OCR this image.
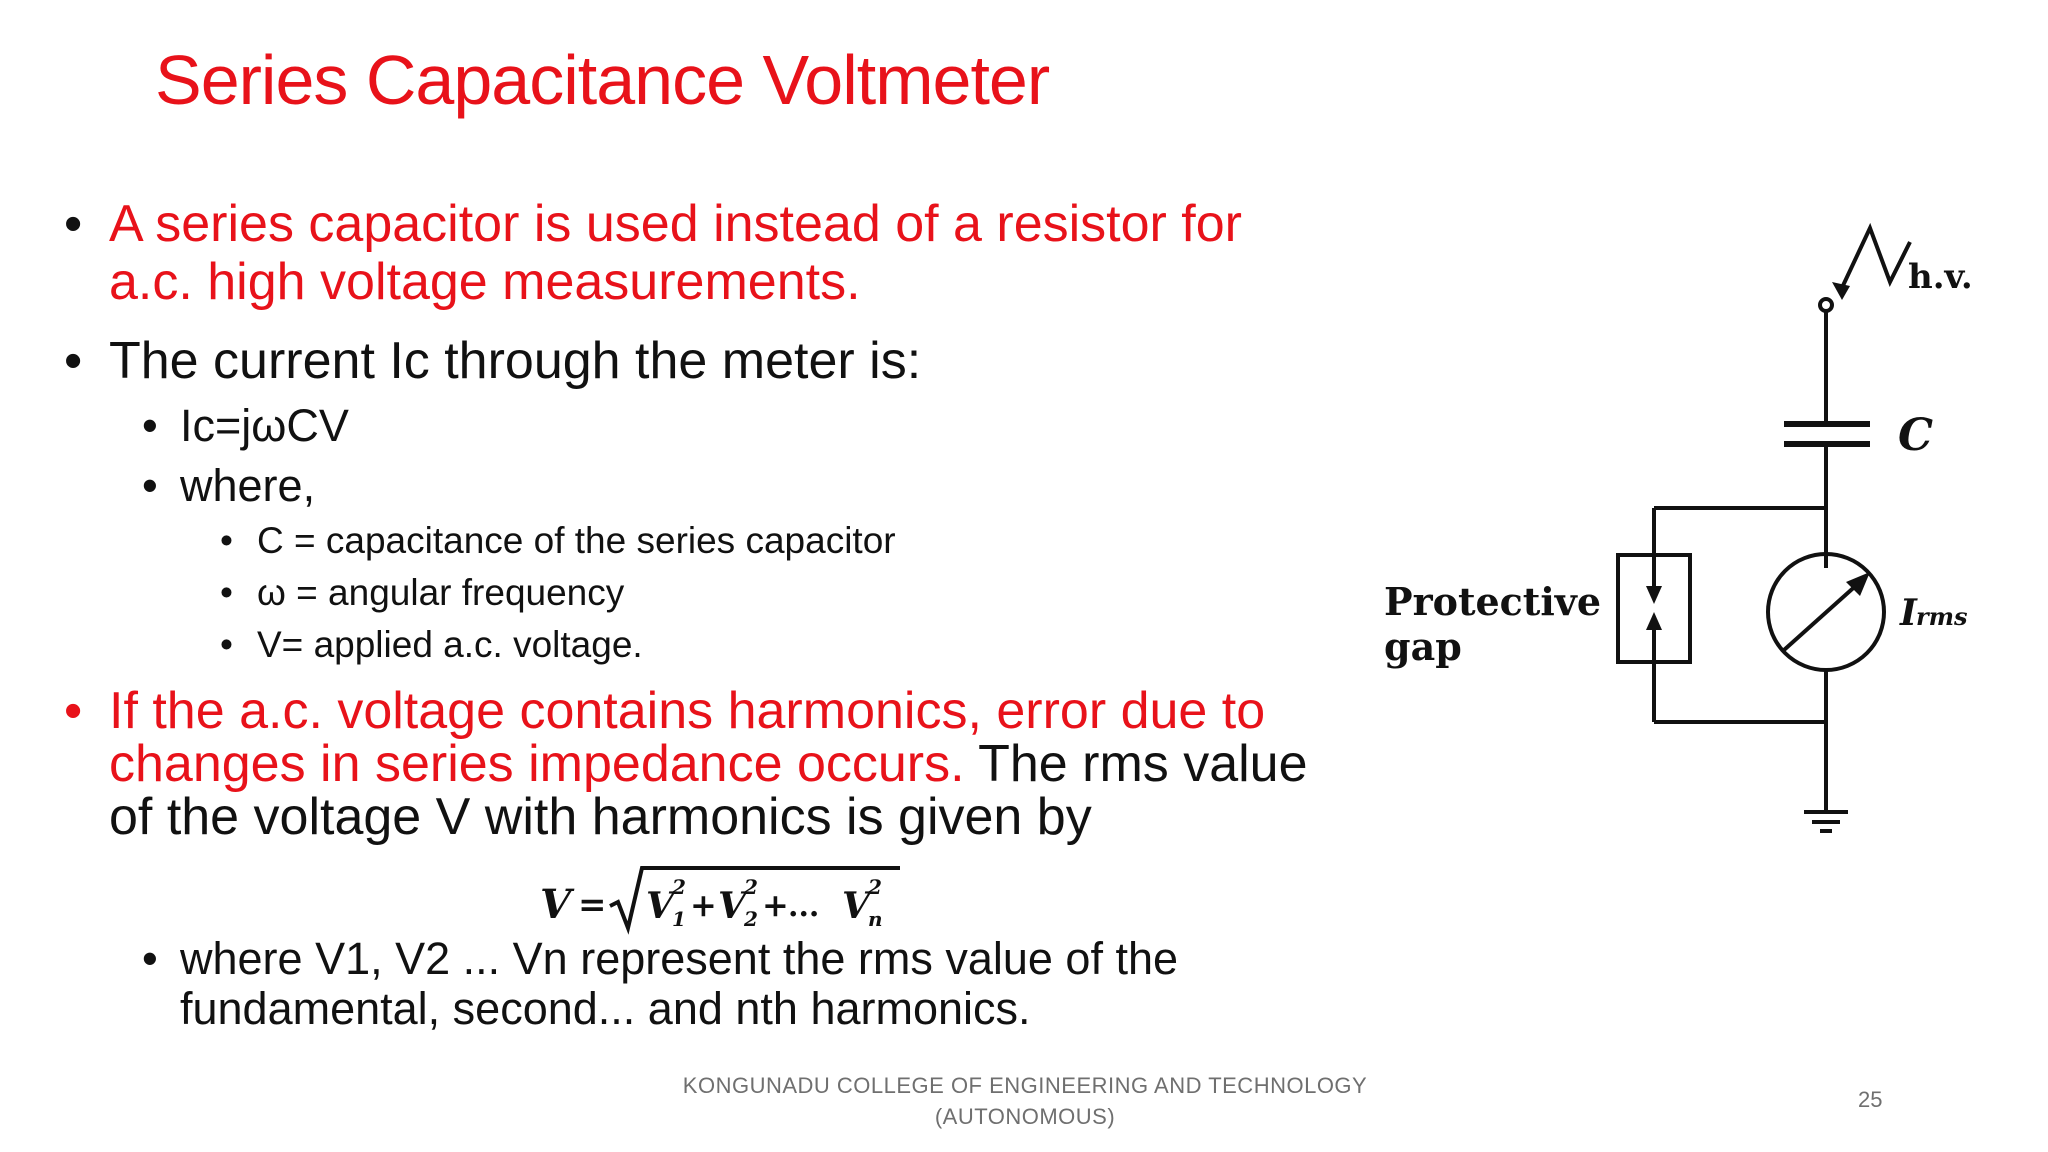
Series Capacitance Voltmeter
• A series capacitor is used instead of a resistor for a.c. high voltage measurements.
• The current Ic through the meter is:
• Ic=jωCV
• where,
• C = capacitance of the series capacitor
• ω = angular frequency
• V= applied a.c. voltage.
• If the a.c. voltage contains harmonics, error due to changes in series impedance occurs. The rms value of the voltage V with harmonics is given by
• where V1, V2 ... Vn represent the rms value of the fundamental, second... and nth harmonics.
V = V
2
1 + V
2
2 + ... V
2
n
h.v.
C
Protective
gap
I rms
KONGUNADU COLLEGE OF ENGINEERING AND TECHNOLOGY
(AUTONOMOUS)
25
